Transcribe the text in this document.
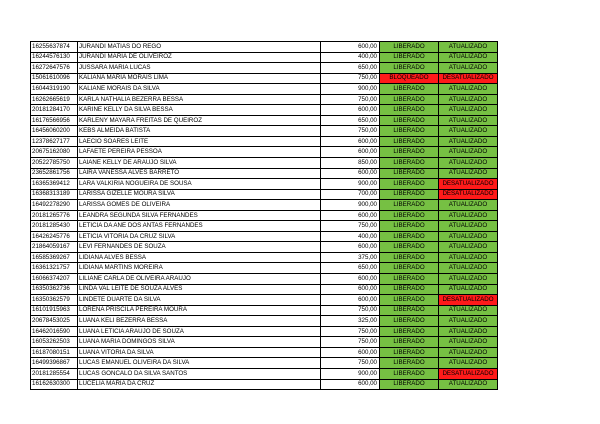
16255637874	JURANDI MATIAS DO REGO	600,00	LIBERADO	ATUALIZADO
16244576130	JURANDI MARIA DE OLIVEIROZ	400,00	LIBERADO	ATUALIZADO
16272647576	JUSSARA MARIA LUCAS	650,00	LIBERADO	ATUALIZADO
15061610096	KALIANA MARIA MORAIS LIMA	750,00	BLOQUEADO	DESATUALIZADO
16044319190	KALIANE MORAIS DA SILVA	900,00	LIBERADO	ATUALIZADO
16262665619	KARLA NATHALIA BEZERRA BESSA	750,00	LIBERADO	ATUALIZADO
20181284170	KARINE KELLY DA SILVA BESSA	600,00	LIBERADO	ATUALIZADO
16176566956	KARLENY MAYARA FREITAS DE QUEIROZ	650,00	LIBERADO	ATUALIZADO
16456060200	KEBS ALMEIDA BATISTA	750,00	LIBERADO	ATUALIZADO
12378627177	LAECIO SOARES LEITE	600,00	LIBERADO	ATUALIZADO
20675162080	LAFAETE PEREIRA PESSOA	600,00	LIBERADO	ATUALIZADO
20522785750	LAIANE KELLY DE ARAUJO SILVA	850,00	LIBERADO	ATUALIZADO
23652861756	LAIRA VANESSA ALVES BARRETO	600,00	LIBERADO	ATUALIZADO
16365369412	LARA VALKIRIA NOGUEIRA DE SOUSA	900,00	LIBERADO	DESATUALIZADO
16368313189	LARISSA GIZELLE MOURA SILVA	700,00	LIBERADO	DESATUALIZADO
16492278290	LARISSA GOMES DE OLIVEIRA	900,00	LIBERADO	ATUALIZADO
20181265776	LEANDRA SEGUNDA SILVA FERNANDES	600,00	LIBERADO	ATUALIZADO
20181285430	LETICIA DA ANE DOS ANTAS FERNANDES	750,00	LIBERADO	ATUALIZADO
16426245776	LETICIA VITORIA DA CRUZ SILVA	400,00	LIBERADO	ATUALIZADO
21864059167	LEVI FERNANDES DE SOUZA	600,00	LIBERADO	ATUALIZADO
16585369267	LIDIANA ALVES BESSA	375,00	LIBERADO	ATUALIZADO
16361321757	LIDIANA MARTINS MOREIRA	650,00	LIBERADO	ATUALIZADO
16066374207	LILIANE CARLA DE OLIVEIRA ARAUJO	600,00	LIBERADO	ATUALIZADO
16350362736	LINDA VAL LEITE DE SOUZA ALVES	600,00	LIBERADO	ATUALIZADO
16350362579	LINDETE DUARTE DA SILVA	600,00	LIBERADO	DESATUALIZADO
16101915963	LORENA PRISCILA PEREIRA MOURA	750,00	LIBERADO	ATUALIZADO
20678453025	LUANA KELI BEZERRA BESSA	325,00	LIBERADO	ATUALIZADO
16462016590	LUANA LETICIA ARAUJO DE SOUZA	750,00	LIBERADO	ATUALIZADO
16053262503	LUANA MARIA DOMINGOS SILVA	750,00	LIBERADO	ATUALIZADO
16187080151	LUANA VITORIA DA SILVA	600,00	LIBERADO	ATUALIZADO
16499396867	LUCAS EMANUEL OLIVEIRA DA SILVA	750,00	LIBERADO	ATUALIZADO
20181285554	LUCAS GONCALO DA SILVA SANTOS	900,00	LIBERADO	DESATUALIZADO
16162630300	LUCELIA MARIA DA CRUZ	600,00	LIBERADO	ATUALIZADO
